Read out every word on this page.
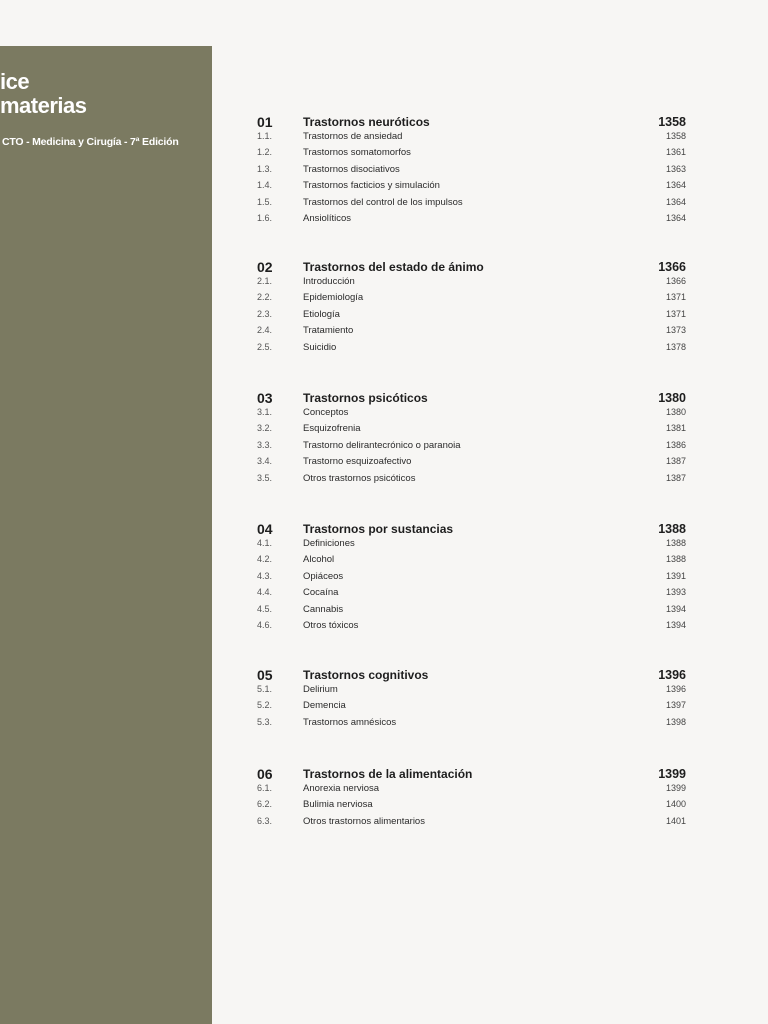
ice
materias
CTO - Medicina y Cirugía - 7ª Edición
01	Trastornos neuróticos	1358
1.1.	Trastornos de ansiedad	1358
1.2.	Trastornos somatomorfos	1361
1.3.	Trastornos disociativos	1363
1.4.	Trastornos facticios y simulación	1364
1.5.	Trastornos del control de los impulsos	1364
1.6.	Ansiolíticos	1364
02	Trastornos del estado de ánimo	1366
2.1.	Introducción	1366
2.2.	Epidemiología	1371
2.3.	Etiología	1371
2.4.	Tratamiento	1373
2.5.	Suicidio	1378
03	Trastornos psicóticos	1380
3.1.	Conceptos	1380
3.2.	Esquizofrenia	1381
3.3.	Trastorno delirantecrónico o paranoia	1386
3.4.	Trastorno esquizoafectivo	1387
3.5.	Otros trastornos psicóticos	1387
04	Trastornos por sustancias	1388
4.1.	Definiciones	1388
4.2.	Alcohol	1388
4.3.	Opiáceos	1391
4.4.	Cocaína	1393
4.5.	Cannabis	1394
4.6.	Otros tóxicos	1394
05	Trastornos cognitivos	1396
5.1.	Delirium	1396
5.2.	Demencia	1397
5.3.	Trastornos amnésicos	1398
06	Trastornos de la alimentación	1399
6.1.	Anorexia nerviosa	1399
6.2.	Bulimia nerviosa	1400
6.3.	Otros trastornos alimentarios	1401
